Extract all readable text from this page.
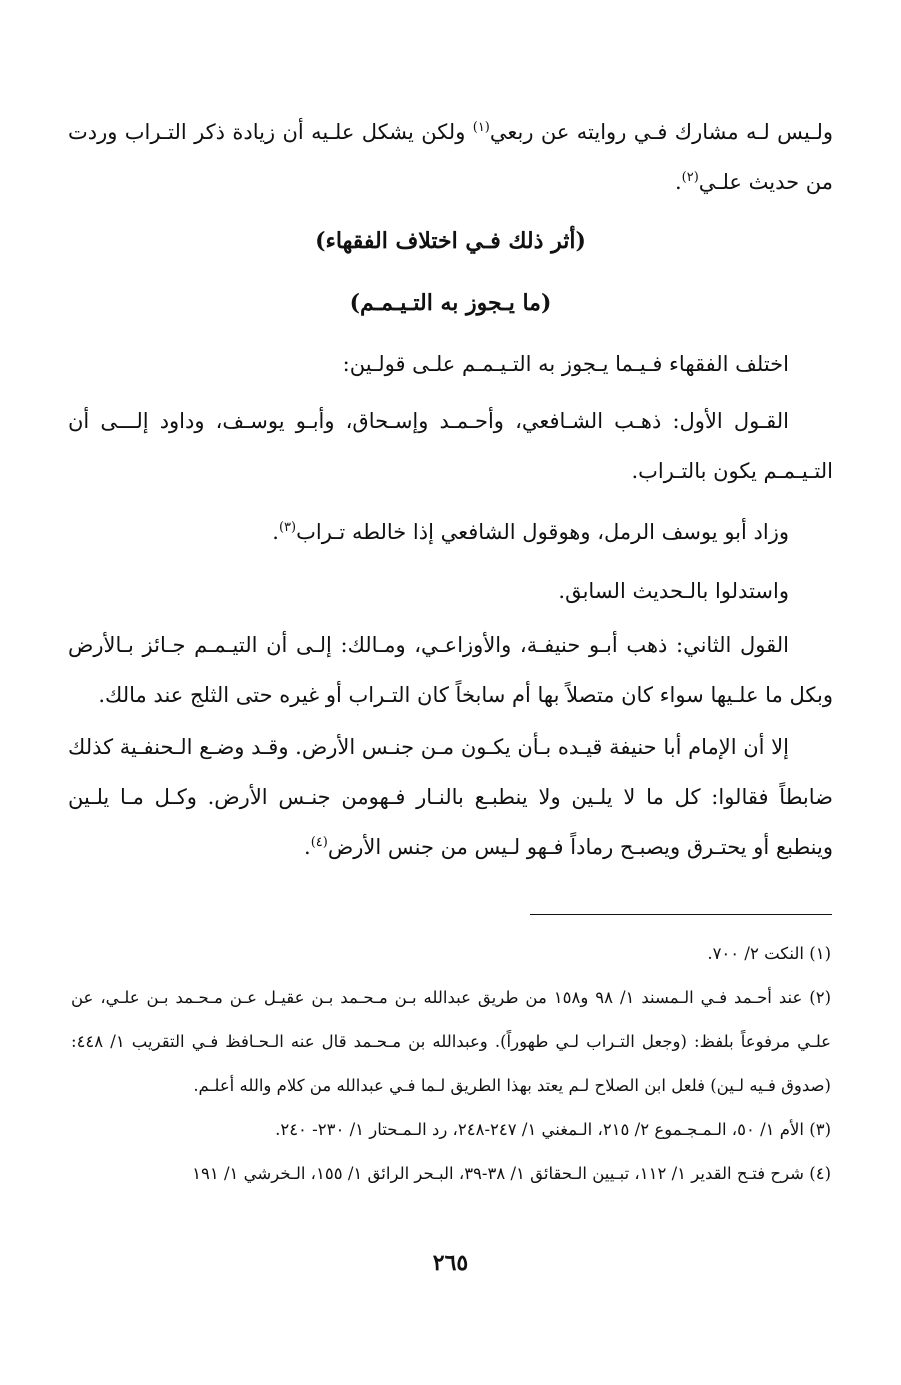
ولـيس لـه مشارك فـي روايته عن ربعي$^{(١)}$ ولكن يشكل علـيه أن زيادة ذكر التـراب وردت من حديث علـي$^{(٢)}$.

(أثر ذلك فـي اختلاف الفقهاء)
(ما يـجوز به التـيـمـم)

اختلف الفقهاء فـيـما يـجوز به التـيـمـم علـى قولـين:

القـول الأول: ذهـب الشـافعي، وأحـمـد وإسـحاق، وأبـو يوسـف، وداود إلـــى أن التـيـمـم يكون بالتـراب.

وزاد أبو يوسف الرمل، وهوقول الشافعي إذا خالطه تـراب$^{(٣)}$.

واستدلوا بالـحديث السابق.

القول الثاني: ذهب أبـو حنيفـة، والأوزاعـي، ومـالك: إلـى أن التيـمـم جـائز بـالأرض وبكل ما علـيها سواء كان متصلاً بها أم سابخاً كان التـراب أو غيره حتى الثلج عند مالك.

إلا أن الإمام أبا حنيفة قيـده بـأن يكـون مـن جنـس الأرض. وقـد وضـع الـحنفـية كذلك ضابطاً فقالوا: كل ما لا يلـين ولا ينطبـع بالنـار فـهومن جنـس الأرض. وكـل مـا يلـين وينطبع أو يحتـرق ويصبـح رماداً فـهو لـيس من جنس الأرض$^{(٤)}$.

(١) النكت ٢/ ٧٠٠.

(٢) عند أحـمد فـي الـمسند ١/ ٩٨ و١٥٨ من طريق عبدالله بـن مـحـمد بـن عقيـل عـن مـحـمد بـن علـي، عن علـي مرفوعاً بلفظ: (وجعل التـراب لـي طهوراً). وعبدالله بن مـحـمد قال عنه الـحـافظ فـي التقريب ١/ ٤٤٨: (صدوق فـيه لـين) فلعل ابن الصلاح لـم يعتد بهذا الطريق لـما فـي عبدالله من كلام والله أعلـم.

(٣) الأم ١/ ٥٠، الـمـجـموع ٢/ ٢١٥، الـمغني ١/ ٢٤٧-٢٤٨، رد الـمـحتار ١/ ٢٣٠- ٢٤٠.

(٤) شرح فتـح القدير ١/ ١١٢، تبـيين الـحقائق ١/ ٣٨-٣٩، البـحر الرائق ١/ ١٥٥، الـخرشي ١/ ١٩١

٢٦٥
